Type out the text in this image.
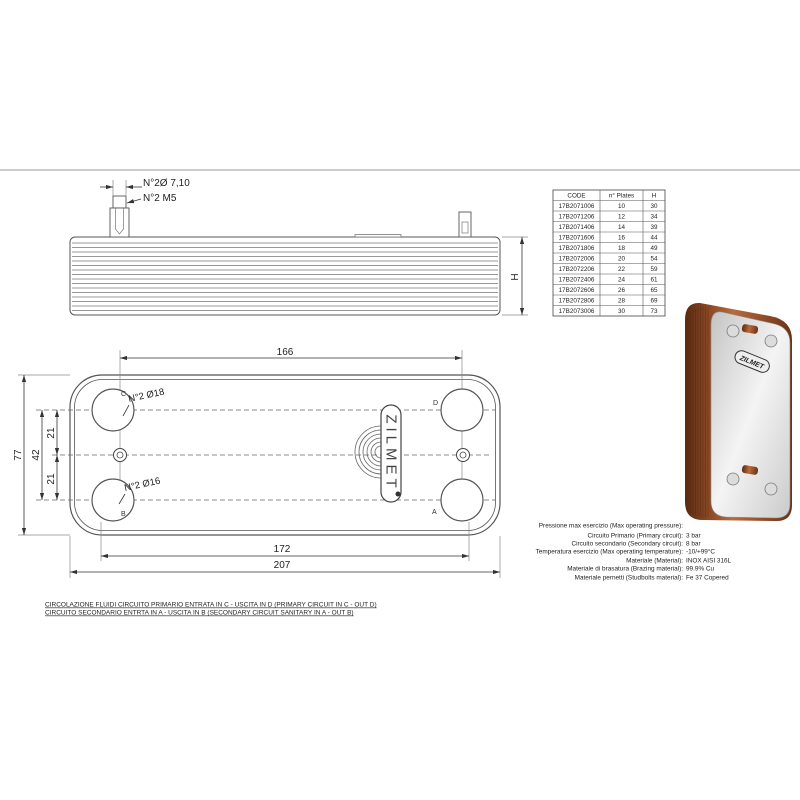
N°2Ø 7,10
N°2 M5
H
CODE	n° Plates	H
17B2071006	10	30
17B2071206	12	34
17B2071406	14	39
17B2071606	16	44
17B2071806	18	49
17B2072006	20	54
17B2072206	22	59
17B2072406	24	61
17B2072606	26	65
17B2072806	28	69
17B2073006	30	73
C
D
B	A
N°2 Ø18
N°2 Ø16	ZILMET
166
77 42
21
21
172
207
ZILMET
Pressione max esercizio (Max operating pressure):
Circuito Primario (Primary circuit): 3 bar
Circuito secondario (Secondary circuit): 8 bar
Temperatura esercizio (Max operating temperature): -10/+99°C
Materiale (Material): INOX AISI 316L
Materiale di brasatura (Brazing material): 99.9% Cu
Materiale pernetti (Studbolts material): Fe 37 Copered
CIRCOLAZIONE FLUIDI CIRCUITO PRIMARIO ENTRATA IN C - USCITA IN D (PRIMARY CIRCUIT IN C - OUT D)
CIRCUITO SECONDARIO ENTRTA IN A - USCITA IN B (SECONDARY CIRCUIT SANITARY IN A - OUT B)
